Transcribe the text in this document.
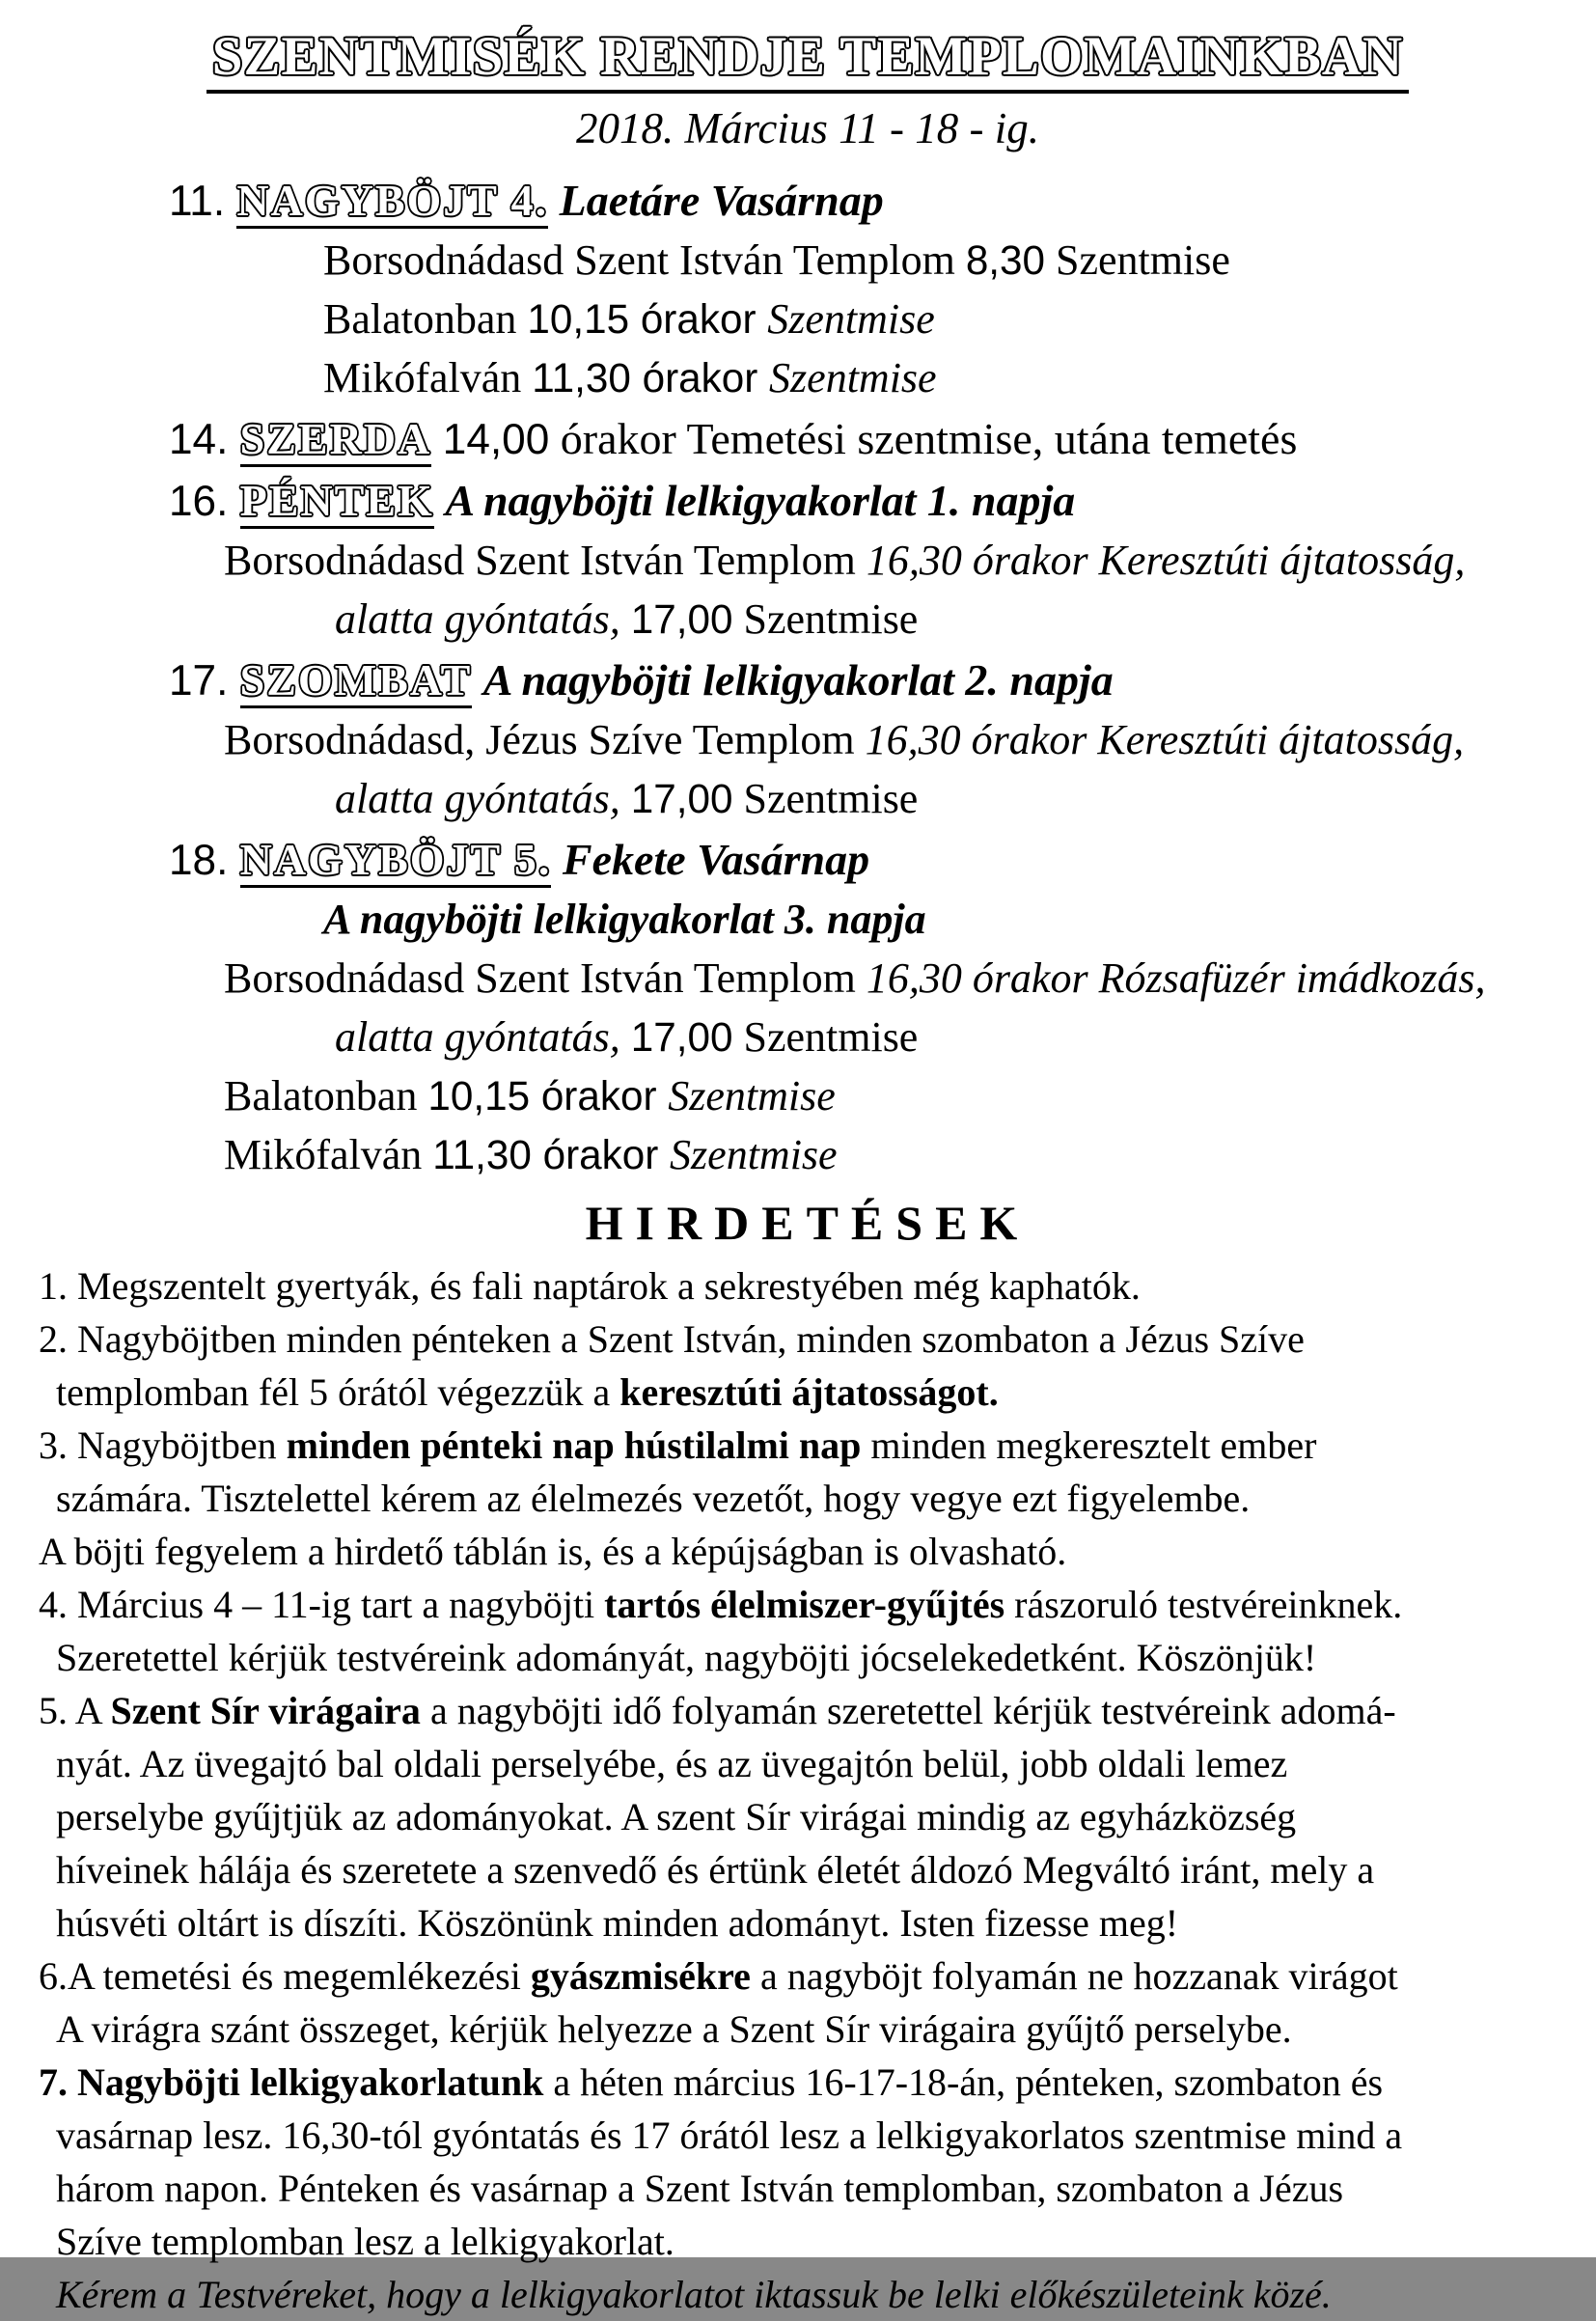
SZENTMISÉK RENDJE TEMPLOMAINKBAN
2018. Március 11 - 18 - ig.
11. NAGYBÖJT 4. Laetáre Vasárnap
Borsodnádasd Szent István Templom 8,30 Szentmise
Balatonban 10,15 órakor Szentmise
Mikófalván 11,30 órakor Szentmise
14. SZERDA 14,00 órakor Temetési szentmise, utána temetés
16. PÉNTEK A nagyböjti lelkigyakorlat 1. napja
Borsodnádasd Szent István Templom 16,30 órakor Keresztúti ájtatosság,
alatta gyóntatás, 17,00 Szentmise
17. SZOMBAT A nagyböjti lelkigyakorlat 2. napja
Borsodnádasd, Jézus Szíve Templom 16,30 órakor Keresztúti ájtatosság,
alatta gyóntatás, 17,00 Szentmise
18. NAGYBÖJT 5. Fekete Vasárnap
A nagyböjti lelkigyakorlat 3. napja
Borsodnádasd Szent István Templom 16,30 órakor Rózsafüzér imádkozás,
alatta gyóntatás, 17,00 Szentmise
Balatonban 10,15 órakor Szentmise
Mikófalván 11,30 órakor Szentmise
HIRDETÉSEK
1. Megszentelt gyertyák, és fali naptárok a sekrestyében még kaphatók.
2. Nagyböjtben minden pénteken a Szent István, minden szombaton a Jézus Szíve
templomban fél 5 órától végezzük a keresztúti ájtatosságot.
3. Nagyböjtben minden pénteki nap hústilalmi nap minden megkeresztelt ember
számára. Tisztelettel kérem az élelmezés vezetőt, hogy vegye ezt figyelembe.
A böjti fegyelem a hirdető táblán is, és a képújságban is olvasható.
4. Március 4 – 11-ig tart a nagyböjti tartós élelmiszer-gyűjtés rászoruló testvéreinknek.
Szeretettel kérjük testvéreink adományát, nagyböjti jócselekedetként. Köszönjük!
5. A Szent Sír virágaira a nagyböjti idő folyamán szeretettel kérjük testvéreink adomá-
nyát. Az üvegajtó bal oldali perselyébe, és az üvegajtón belül, jobb oldali lemez
perselybe gyűjtjük az adományokat. A szent Sír virágai mindig az egyházközség
híveinek hálája és szeretete a szenvedő és értünk életét áldozó Megváltó iránt, mely a
húsvéti oltárt is díszíti. Köszönünk minden adományt. Isten fizesse meg!
6.A temetési és megemlékezési gyászmisékre a nagyböjt folyamán ne hozzanak virágot
A virágra szánt összeget, kérjük helyezze a Szent Sír virágaira gyűjtő perselybe.
7. Nagyböjti lelkigyakorlatunk a héten március 16-17-18-án, pénteken, szombaton és
vasárnap lesz. 16,30-tól gyóntatás és 17 órától lesz a lelkigyakorlatos szentmise mind a
három napon. Pénteken és vasárnap a Szent István templomban, szombaton a Jézus
Szíve templomban lesz a lelkigyakorlat.
Kérem a Testvéreket, hogy a lelkigyakorlatot iktassuk be lelki előkészületeink közé.
